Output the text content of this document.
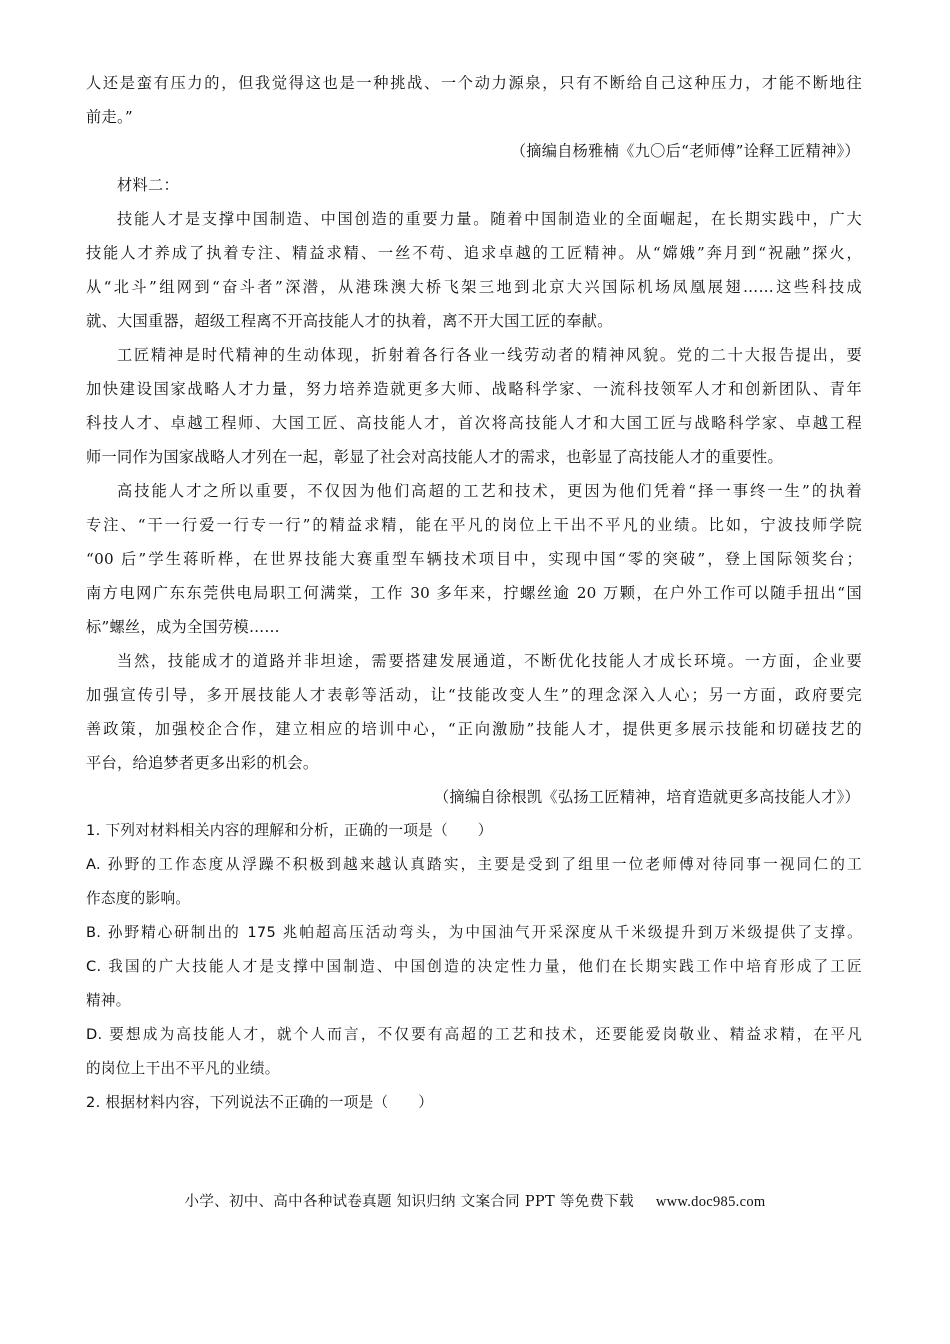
人还是蛮有压力的，但我觉得这也是一种挑战、一个动力源泉，只有不断给自己这种压力，才能不断地往
前走。”
（摘编自杨雅楠《九〇后“老师傅”诠释工匠精神》）
材料二：
技能人才是支撑中国制造、中国创造的重要力量。随着中国制造业的全面崛起，在长期实践中，广大
技能人才养成了执着专注、精益求精、一丝不苟、追求卓越的工匠精神。从“嫦娥”奔月到“祝融”探火，
从“北斗”组网到“奋斗者”深潜，从港珠澳大桥飞架三地到北京大兴国际机场凤凰展翅……这些科技成
就、大国重器，超级工程离不开高技能人才的执着，离不开大国工匠的奉献。
工匠精神是时代精神的生动体现，折射着各行各业一线劳动者的精神风貌。党的二十大报告提出，要
加快建设国家战略人才力量，努力培养造就更多大师、战略科学家、一流科技领军人才和创新团队、青年
科技人才、卓越工程师、大国工匠、高技能人才，首次将高技能人才和大国工匠与战略科学家、卓越工程
师一同作为国家战略人才列在一起，彰显了社会对高技能人才的需求，也彰显了高技能人才的重要性。
高技能人才之所以重要，不仅因为他们高超的工艺和技术，更因为他们凭着“择一事终一生”的执着
专注、“干一行爱一行专一行”的精益求精，能在平凡的岗位上干出不平凡的业绩。比如，宁波技师学院
“00 后”学生蒋昕桦，在世界技能大赛重型车辆技术项目中，实现中国“零的突破”，登上国际领奖台；
南方电网广东东莞供电局职工何满棠，工作 30 多年来，拧螺丝逾 20 万颗，在户外工作可以随手扭出“国
标”螺丝，成为全国劳模……
当然，技能成才的道路并非坦途，需要搭建发展通道，不断优化技能人才成长环境。一方面，企业要
加强宣传引导，多开展技能人才表彰等活动，让“技能改变人生”的理念深入人心；另一方面，政府要完
善政策，加强校企合作，建立相应的培训中心，“正向激励”技能人才，提供更多展示技能和切磋技艺的
平台，给追梦者更多出彩的机会。
（摘编自徐根凯《弘扬工匠精神，培育造就更多高技能人才》）
1. 下列对材料相关内容的理解和分析，正确的一项是（　　）
A. 孙野的工作态度从浮躁不积极到越来越认真踏实，主要是受到了组里一位老师傅对待同事一视同仁的工
作态度的影响。
B. 孙野精心研制出的 175 兆帕超高压活动弯头，为中国油气开采深度从千米级提升到万米级提供了支撑。
C. 我国的广大技能人才是支撑中国制造、中国创造的决定性力量，他们在长期实践工作中培育形成了工匠
精神。
D. 要想成为高技能人才，就个人而言，不仅要有高超的工艺和技术，还要能爱岗敬业、精益求精，在平凡
的岗位上干出不平凡的业绩。
2. 根据材料内容，下列说法不正确的一项是（　　）
小学、初中、高中各种试卷真题 知识归纳 文案合同 PPT 等免费下载 www.doc985.com
